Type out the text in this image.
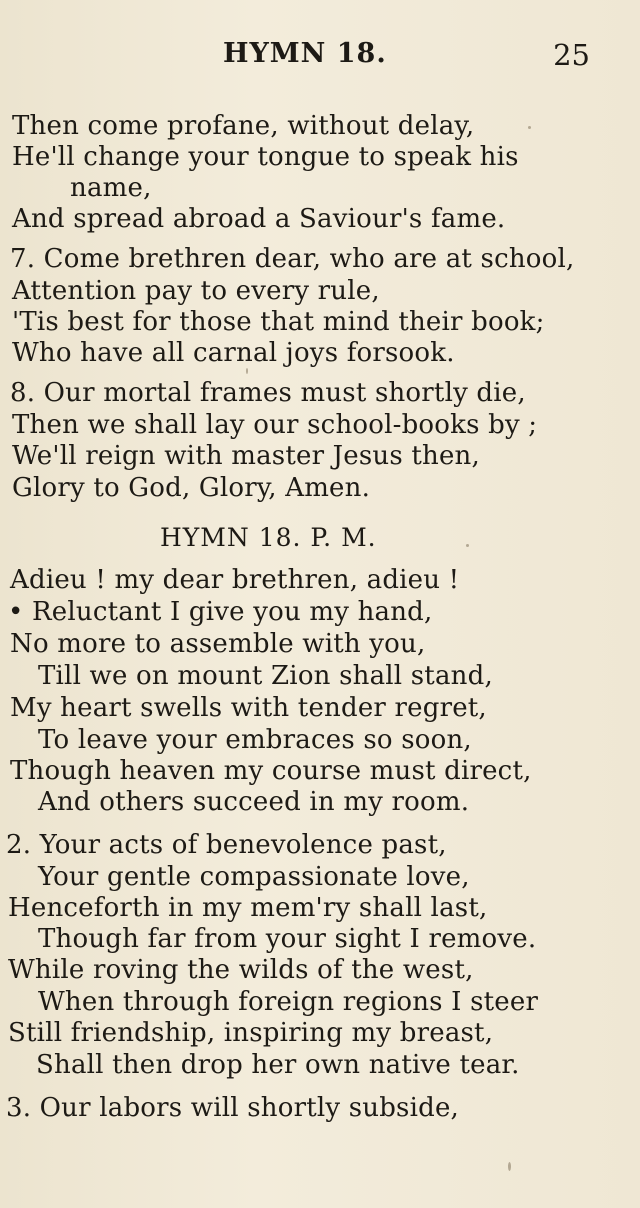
HYMN 18.	25
Then come profane, without delay,
He'll change your tongue to speak his
name,
And spread abroad a Saviour's fame.
7. Come brethren dear, who are at school,
Attention pay to every rule,
'Tis best for those that mind their book;
Who have all carnal joys forsook.
8. Our mortal frames must shortly die,
Then we shall lay our school-books by ;
We'll reign with master Jesus then,
Glory to God, Glory, Amen.
HYMN 18. P. M.
Adieu ! my dear brethren, adieu !
• Reluctant I give you my hand,
No more to assemble with you,
Till we on mount Zion shall stand,
My heart swells with tender regret,
To leave your embraces so soon,
Though heaven my course must direct,
And others succeed in my room.
2. Your acts of benevolence past,
Your gentle compassionate love,
Henceforth in my mem'ry shall last,
Though far from your sight I remove.
While roving the wilds of the west,
When through foreign regions I steer
Still friendship, inspiring my breast,
Shall then drop her own native tear.
3. Our labors will shortly subside,
